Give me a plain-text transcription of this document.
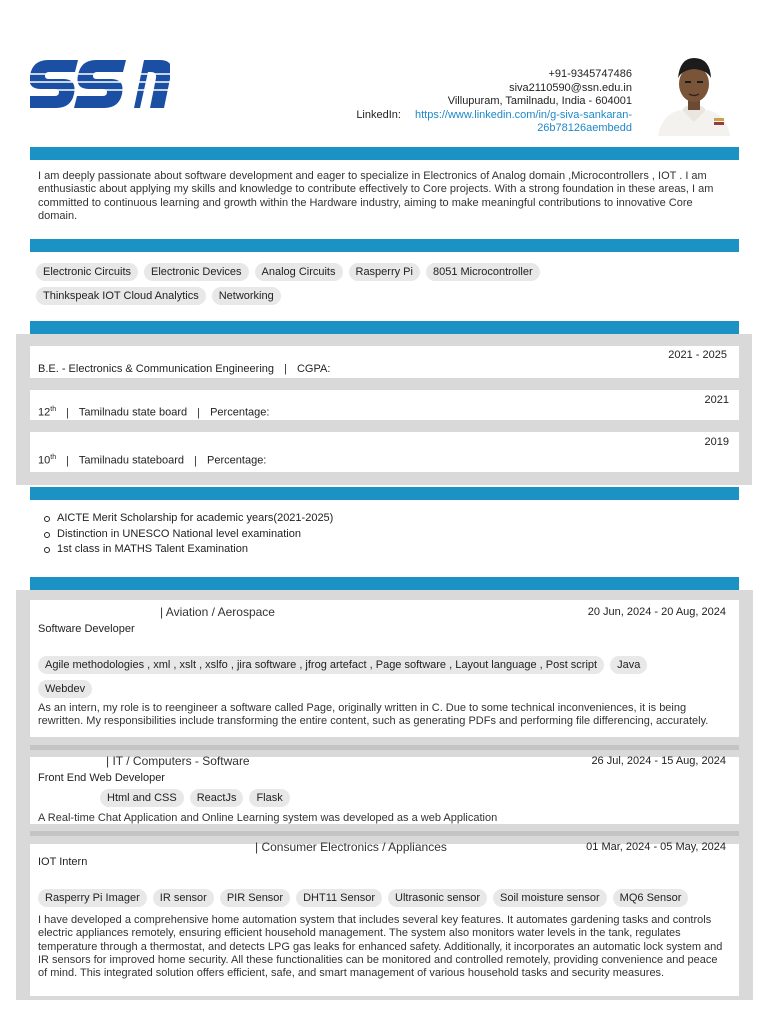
+91-9345747486
siva2110590@ssn.edu.in
Villupuram, Tamilnadu, India - 604001
LinkedIn: https://www.linkedin.com/in/g-siva-sankaran-
26b78126aembedd
I am deeply passionate about software development and eager to specialize in Electronics of Analog domain ,Microcontrollers , IOT . I am enthusiastic about applying my skills and knowledge to contribute effectively to Core projects. With a strong foundation in these areas, I am committed to continuous learning and growth within the Hardware industry, aiming to make meaningful contributions to innovative Core domain.
Electronic Circuits	Electronic Devices	Analog Circuits	Rasperry Pi	8051 Microcontroller
Thinkspeak IOT Cloud Analytics	Networking
2021 - 2025
B.E. - Electronics & Communication Engineering | CGPA:
2021
12th | Tamilnadu state board | Percentage:
2019
10th | Tamilnadu stateboard | Percentage:
AICTE Merit Scholarship for academic years(2021-2025)
Distinction in UNESCO National level examination
1st class in MATHS Talent Examination
| Aviation / Aerospace	20 Jun, 2024 - 20 Aug, 2024
Software Developer
Agile methodologies , xml , xslt , xslfo , jira software , jfrog artefact , Page software , Layout language , Post script	Java
Webdev
As an intern, my role is to reengineer a software called Page, originally written in C. Due to some technical inconveniences, it is being rewritten. My responsibilities include transforming the entire content, such as generating PDFs and performing file differencing, accurately.
| IT / Computers - Software	26 Jul, 2024 - 15 Aug, 2024
Front End Web Developer
Html and CSS	ReactJs	Flask
A Real-time Chat Application and Online Learning system was developed as a web Application
| Consumer Electronics / Appliances	01 Mar, 2024 - 05 May, 2024
IOT Intern
Rasperry Pi Imager	IR sensor	PIR Sensor	DHT11 Sensor	Ultrasonic sensor	Soil moisture sensor	MQ6 Sensor
I have developed a comprehensive home automation system that includes several key features. It automates gardening tasks and controls electric appliances remotely, ensuring efficient household management. The system also monitors water levels in the tank, regulates temperature through a thermostat, and detects LPG gas leaks for enhanced safety. Additionally, it incorporates an automatic lock system and IR sensors for improved home security. All these functionalities can be monitored and controlled remotely, providing convenience and peace of mind. This integrated solution offers efficient, safe, and smart management of various household tasks and security measures.
